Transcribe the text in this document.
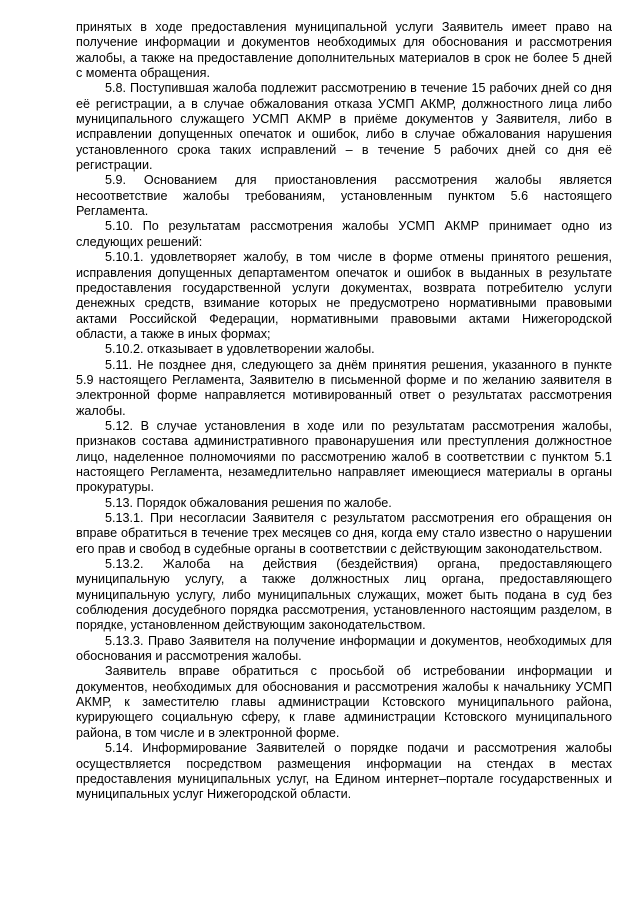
принятых в ходе предоставления муниципальной услуги Заявитель имеет право на получение информации и документов необходимых для обоснования и рассмотрения жалобы, а также на предоставление дополнительных материалов в срок не более 5 дней с момента обращения.

5.8. Поступившая жалоба подлежит рассмотрению в течение 15 рабочих дней со дня её регистрации, а в случае обжалования отказа УСМП АКМР, должностного лица либо муниципального служащего УСМП АКМР в приёме документов у Заявителя, либо в исправлении допущенных опечаток и ошибок, либо в случае обжалования нарушения установленного срока таких исправлений – в течение 5 рабочих дней со дня её регистрации.

5.9. Основанием для приостановления рассмотрения жалобы является несоответствие жалобы требованиям, установленным пунктом 5.6 настоящего Регламента.

5.10. По результатам рассмотрения жалобы УСМП АКМР принимает одно из следующих решений:

5.10.1. удовлетворяет жалобу, в том числе в форме отмены принятого решения, исправления допущенных департаментом опечаток и ошибок в выданных в результате предоставления государственной услуги документах, возврата потребителю услуги денежных средств, взимание которых не предусмотрено нормативными правовыми актами Российской Федерации, нормативными правовыми актами Нижегородской области, а также в иных формах;

5.10.2. отказывает в удовлетворении жалобы.

5.11. Не позднее дня, следующего за днём принятия решения, указанного в пункте 5.9 настоящего Регламента, Заявителю в письменной форме и по желанию заявителя в электронной форме направляется мотивированный ответ о результатах рассмотрения жалобы.

5.12. В случае установления в ходе или по результатам рассмотрения жалобы, признаков состава административного правонарушения или преступления должностное лицо, наделенное полномочиями по рассмотрению жалоб в соответствии с пунктом 5.1 настоящего Регламента, незамедлительно направляет имеющиеся материалы в органы прокуратуры.

5.13. Порядок обжалования решения по жалобе.

5.13.1. При несогласии Заявителя с результатом рассмотрения его обращения он вправе обратиться в течение трех месяцев со дня, когда ему стало известно о нарушении его прав и свобод в судебные органы в соответствии с действующим законодательством.

5.13.2. Жалоба на действия (бездействия) органа, предоставляющего муниципальную услугу, а также должностных лиц органа, предоставляющего муниципальную услугу, либо муниципальных служащих, может быть подана в суд без соблюдения досудебного порядка рассмотрения, установленного настоящим разделом, в порядке, установленном действующим законодательством.

5.13.3. Право Заявителя на получение информации и документов, необходимых для обоснования и рассмотрения жалобы.

Заявитель вправе обратиться с просьбой об истребовании информации и документов, необходимых для обоснования и рассмотрения жалобы к начальнику УСМП АКМР, к заместителю главы администрации Кстовского муниципального района, курирующего социальную сферу, к главе администрации Кстовского муниципального района, в том числе и в электронной форме.

5.14. Информирование Заявителей о порядке подачи и рассмотрения жалобы осуществляется посредством размещения информации на стендах в местах предоставления муниципальных услуг, на Едином интернет–портале государственных и муниципальных услуг Нижегородской области.
